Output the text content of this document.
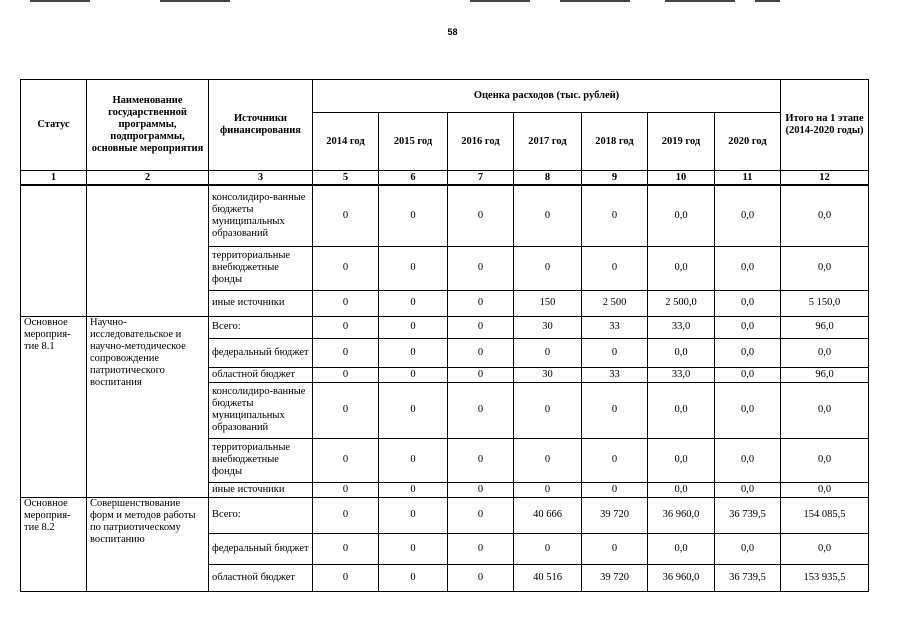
58
Статус	Наименование государственной программы, подпрограммы, основные мероприятия	Источники финансирования	Оценка расходов (тыс. рублей)							Итого на 1 этапе (2014-2020 годы)
			2014 год	2015 год	2016 год	2017 год	2018 год	2019 год	2020 год	
1	2	3	5	6	7	8	9	10	11	12
		консолидиро-ванные бюджеты муниципальных образований	0	0	0	0	0	0,0	0,0	0,0
		территориальные внебюджетные фонды	0	0	0	0	0	0,0	0,0	0,0
		иные источники	0	0	0	150	2 500	2 500,0	0,0	5 150,0
Основное мероприя-тие 8.1	Научно-исследовательское и научно-методическое сопровождение патриотического воспитания	Всего:	0	0	0	30	33	33,0	0,0	96,0
		федеральный бюджет	0	0	0	0	0	0,0	0,0	0,0
		областной бюджет	0	0	0	30	33	33,0	0,0	96,0
		консолидиро-ванные бюджеты муниципальных образований	0	0	0	0	0	0,0	0,0	0,0
		территориальные внебюджетные фонды	0	0	0	0	0	0,0	0,0	0,0
		иные источники	0	0	0	0	0	0,0	0,0	0,0
Основное мероприя-тие 8.2	Совершенствование форм и методов работы по патриотическому воспитанию	Всего:	0	0	0	40 666	39 720	36 960,0	36 739,5	154 085,5
		федеральный бюджет	0	0	0	0	0	0,0	0,0	0,0
		областной бюджет	0	0	0	40 516	39 720	36 960,0	36 739,5	153 935,5
